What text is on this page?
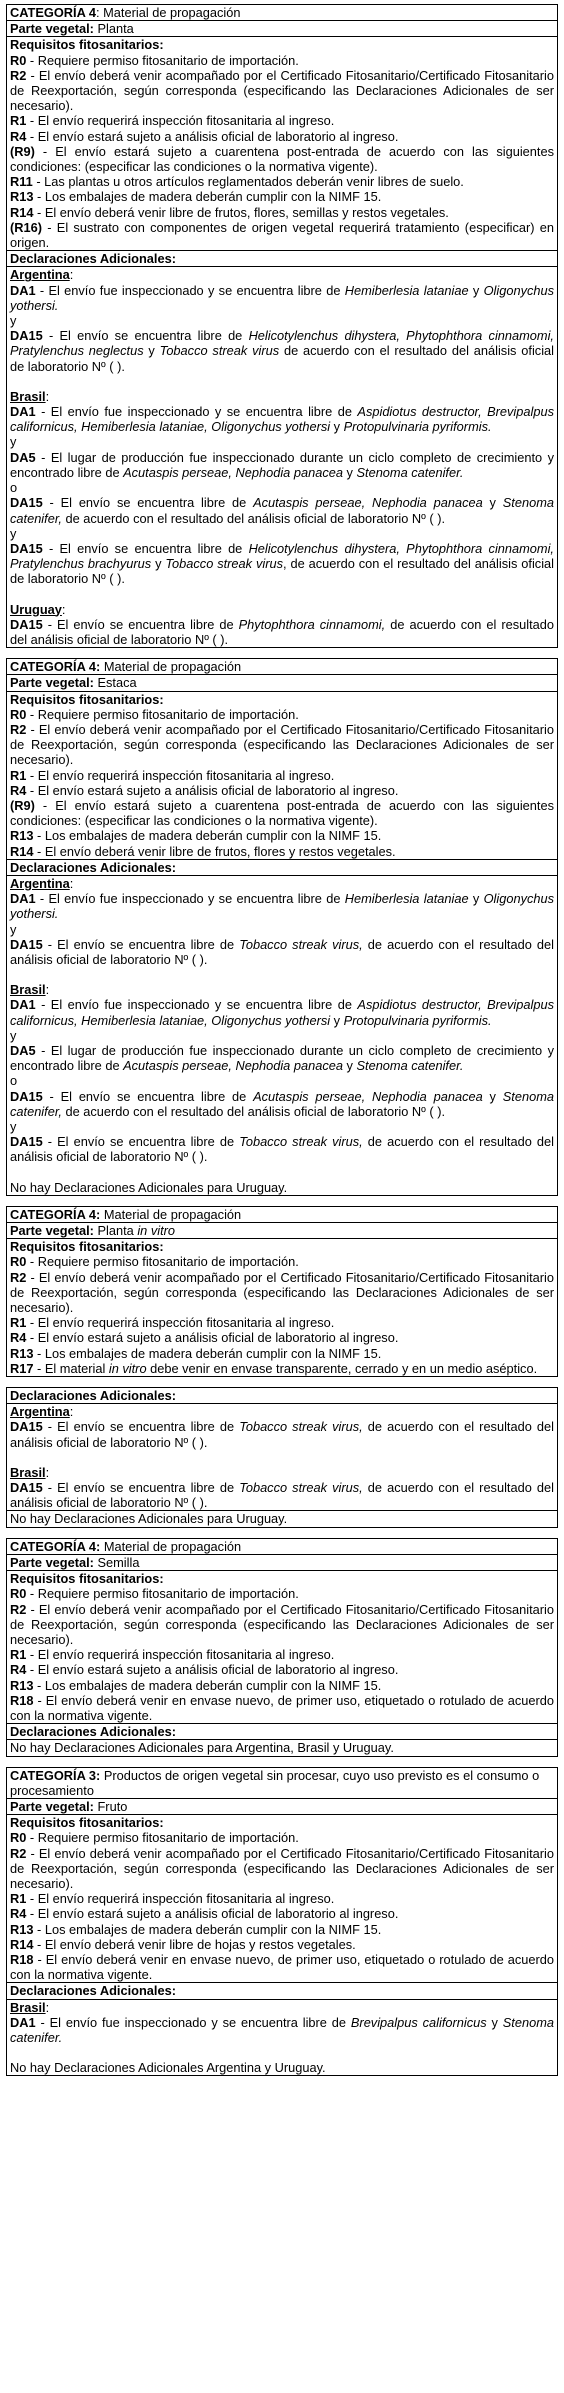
CATEGORÍA 4: Material de propagación
Parte vegetal: Planta
Requisitos fitosanitarios:

R0 - Requiere permiso fitosanitario de importación.

R2 - El envío deberá venir acompañado por el Certificado Fitosanitario/Certificado Fitosanitario de Reexportación, según corresponda (especificando las Declaraciones Adicionales de ser necesario).

R1 - El envío requerirá inspección fitosanitaria al ingreso.

R4 - El envío estará sujeto a análisis oficial de laboratorio al ingreso.

(R9) - El envío estará sujeto a cuarentena post-entrada de acuerdo con las siguientes condiciones: (especificar las condiciones o la normativa vigente).

R11 - Las plantas u otros artículos reglamentados deberán venir libres de suelo.

R13 - Los embalajes de madera deberán cumplir con la NIMF 15.

R14 - El envío deberá venir libre de frutos, flores, semillas y restos vegetales.

(R16) - El sustrato con componentes de origen vegetal requerirá tratamiento (especificar) en origen.

Declaraciones Adicionales:

Argentina:

DA1 - El envío fue inspeccionado y se encuentra libre de Hemiberlesia lataniae y Oligonychus yothersi.

y

DA15 - El envío se encuentra libre de Helicotylenchus dihystera, Phytophthora cinnamomi, Pratylenchus neglectus y Tobacco streak virus de acuerdo con el resultado del análisis oficial de laboratorio Nº ( ).

Brasil:

DA1 - El envío fue inspeccionado y se encuentra libre de Aspidiotus destructor, Brevipalpus californicus, Hemiberlesia lataniae, Oligonychus yothersi y Protopulvinaria pyriformis.

y

DA5 - El lugar de producción fue inspeccionado durante un ciclo completo de crecimiento y encontrado libre de Acutaspis perseae, Nephodia panacea y Stenoma catenifer.

o

DA15 - El envío se encuentra libre de Acutaspis perseae, Nephodia panacea y Stenoma catenifer, de acuerdo con el resultado del análisis oficial de laboratorio Nº ( ).

y

DA15 - El envío se encuentra libre de Helicotylenchus dihystera, Phytophthora cinnamomi, Pratylenchus brachyurus y Tobacco streak virus, de acuerdo con el resultado del análisis oficial de laboratorio Nº ( ).

Uruguay:

DA15 - El envío se encuentra libre de Phytophthora cinnamomi, de acuerdo con el resultado del análisis oficial de laboratorio Nº ( ).

CATEGORÍA 4: Material de propagación
Parte vegetal: Estaca
Requisitos fitosanitarios:

R0 - Requiere permiso fitosanitario de importación.

R2 - El envío deberá venir acompañado por el Certificado Fitosanitario/Certificado Fitosanitario de Reexportación, según corresponda (especificando las Declaraciones Adicionales de ser necesario).

R1 - El envío requerirá inspección fitosanitaria al ingreso.

R4 - El envío estará sujeto a análisis oficial de laboratorio al ingreso.

(R9) - El envío estará sujeto a cuarentena post-entrada de acuerdo con las siguientes condiciones: (especificar las condiciones o la normativa vigente).

R13 - Los embalajes de madera deberán cumplir con la NIMF 15.

R14 - El envío deberá venir libre de frutos, flores y restos vegetales.

Declaraciones Adicionales:

Argentina:

DA1 - El envío fue inspeccionado y se encuentra libre de Hemiberlesia lataniae y Oligonychus yothersi.

y

DA15 - El envío se encuentra libre de Tobacco streak virus, de acuerdo con el resultado del análisis oficial de laboratorio Nº ( ).

Brasil:

DA1 - El envío fue inspeccionado y se encuentra libre de Aspidiotus destructor, Brevipalpus californicus, Hemiberlesia lataniae, Oligonychus yothersi y Protopulvinaria pyriformis.

y

DA5 - El lugar de producción fue inspeccionado durante un ciclo completo de crecimiento y encontrado libre de Acutaspis perseae, Nephodia panacea y Stenoma catenifer.

o

DA15 - El envío se encuentra libre de Acutaspis perseae, Nephodia panacea y Stenoma catenifer, de acuerdo con el resultado del análisis oficial de laboratorio Nº ( ).

y

DA15 - El envío se encuentra libre de Tobacco streak virus, de acuerdo con el resultado del análisis oficial de laboratorio Nº ( ).

No hay Declaraciones Adicionales para Uruguay.

CATEGORÍA 4: Material de propagación
Parte vegetal: Planta in vitro
Requisitos fitosanitarios:

R0 - Requiere permiso fitosanitario de importación.

R2 - El envío deberá venir acompañado por el Certificado Fitosanitario/Certificado Fitosanitario de Reexportación, según corresponda (especificando las Declaraciones Adicionales de ser necesario).

R1 - El envío requerirá inspección fitosanitaria al ingreso.

R4 - El envío estará sujeto a análisis oficial de laboratorio al ingreso.

R13 - Los embalajes de madera deberán cumplir con la NIMF 15.

R17 - El material in vitro debe venir en envase transparente, cerrado y en un medio aséptico.

Declaraciones Adicionales:

Argentina:

DA15 - El envío se encuentra libre de Tobacco streak virus, de acuerdo con el resultado del análisis oficial de laboratorio Nº ( ).

Brasil:

DA15 - El envío se encuentra libre de Tobacco streak virus, de acuerdo con el resultado del análisis oficial de laboratorio Nº ( ).

No hay Declaraciones Adicionales para Uruguay.

CATEGORÍA 4: Material de propagación
Parte vegetal: Semilla
Requisitos fitosanitarios:

R0 - Requiere permiso fitosanitario de importación.

R2 - El envío deberá venir acompañado por el Certificado Fitosanitario/Certificado Fitosanitario de Reexportación, según corresponda (especificando las Declaraciones Adicionales de ser necesario).

R1 - El envío requerirá inspección fitosanitaria al ingreso.

R4 - El envío estará sujeto a análisis oficial de laboratorio al ingreso.

R13 - Los embalajes de madera deberán cumplir con la NIMF 15.

R18 - El envío deberá venir en envase nuevo, de primer uso, etiquetado o rotulado de acuerdo con la normativa vigente.

Declaraciones Adicionales:

No hay Declaraciones Adicionales para Argentina, Brasil y Uruguay.

CATEGORÍA 3: Productos de origen vegetal sin procesar, cuyo uso previsto es el consumo o procesamiento
Parte vegetal: Fruto
Requisitos fitosanitarios:

R0 - Requiere permiso fitosanitario de importación.

R2 - El envío deberá venir acompañado por el Certificado Fitosanitario/Certificado Fitosanitario de Reexportación, según corresponda (especificando las Declaraciones Adicionales de ser necesario).

R1 - El envío requerirá inspección fitosanitaria al ingreso.

R4 - El envío estará sujeto a análisis oficial de laboratorio al ingreso.

R13 - Los embalajes de madera deberán cumplir con la NIMF 15.

R14 - El envío deberá venir libre de hojas y restos vegetales.

R18 - El envío deberá venir en envase nuevo, de primer uso, etiquetado o rotulado de acuerdo con la normativa vigente.

Declaraciones Adicionales:

Brasil:

DA1 - El envío fue inspeccionado y se encuentra libre de Brevipalpus californicus y Stenoma catenifer.

No hay Declaraciones Adicionales Argentina y Uruguay.
